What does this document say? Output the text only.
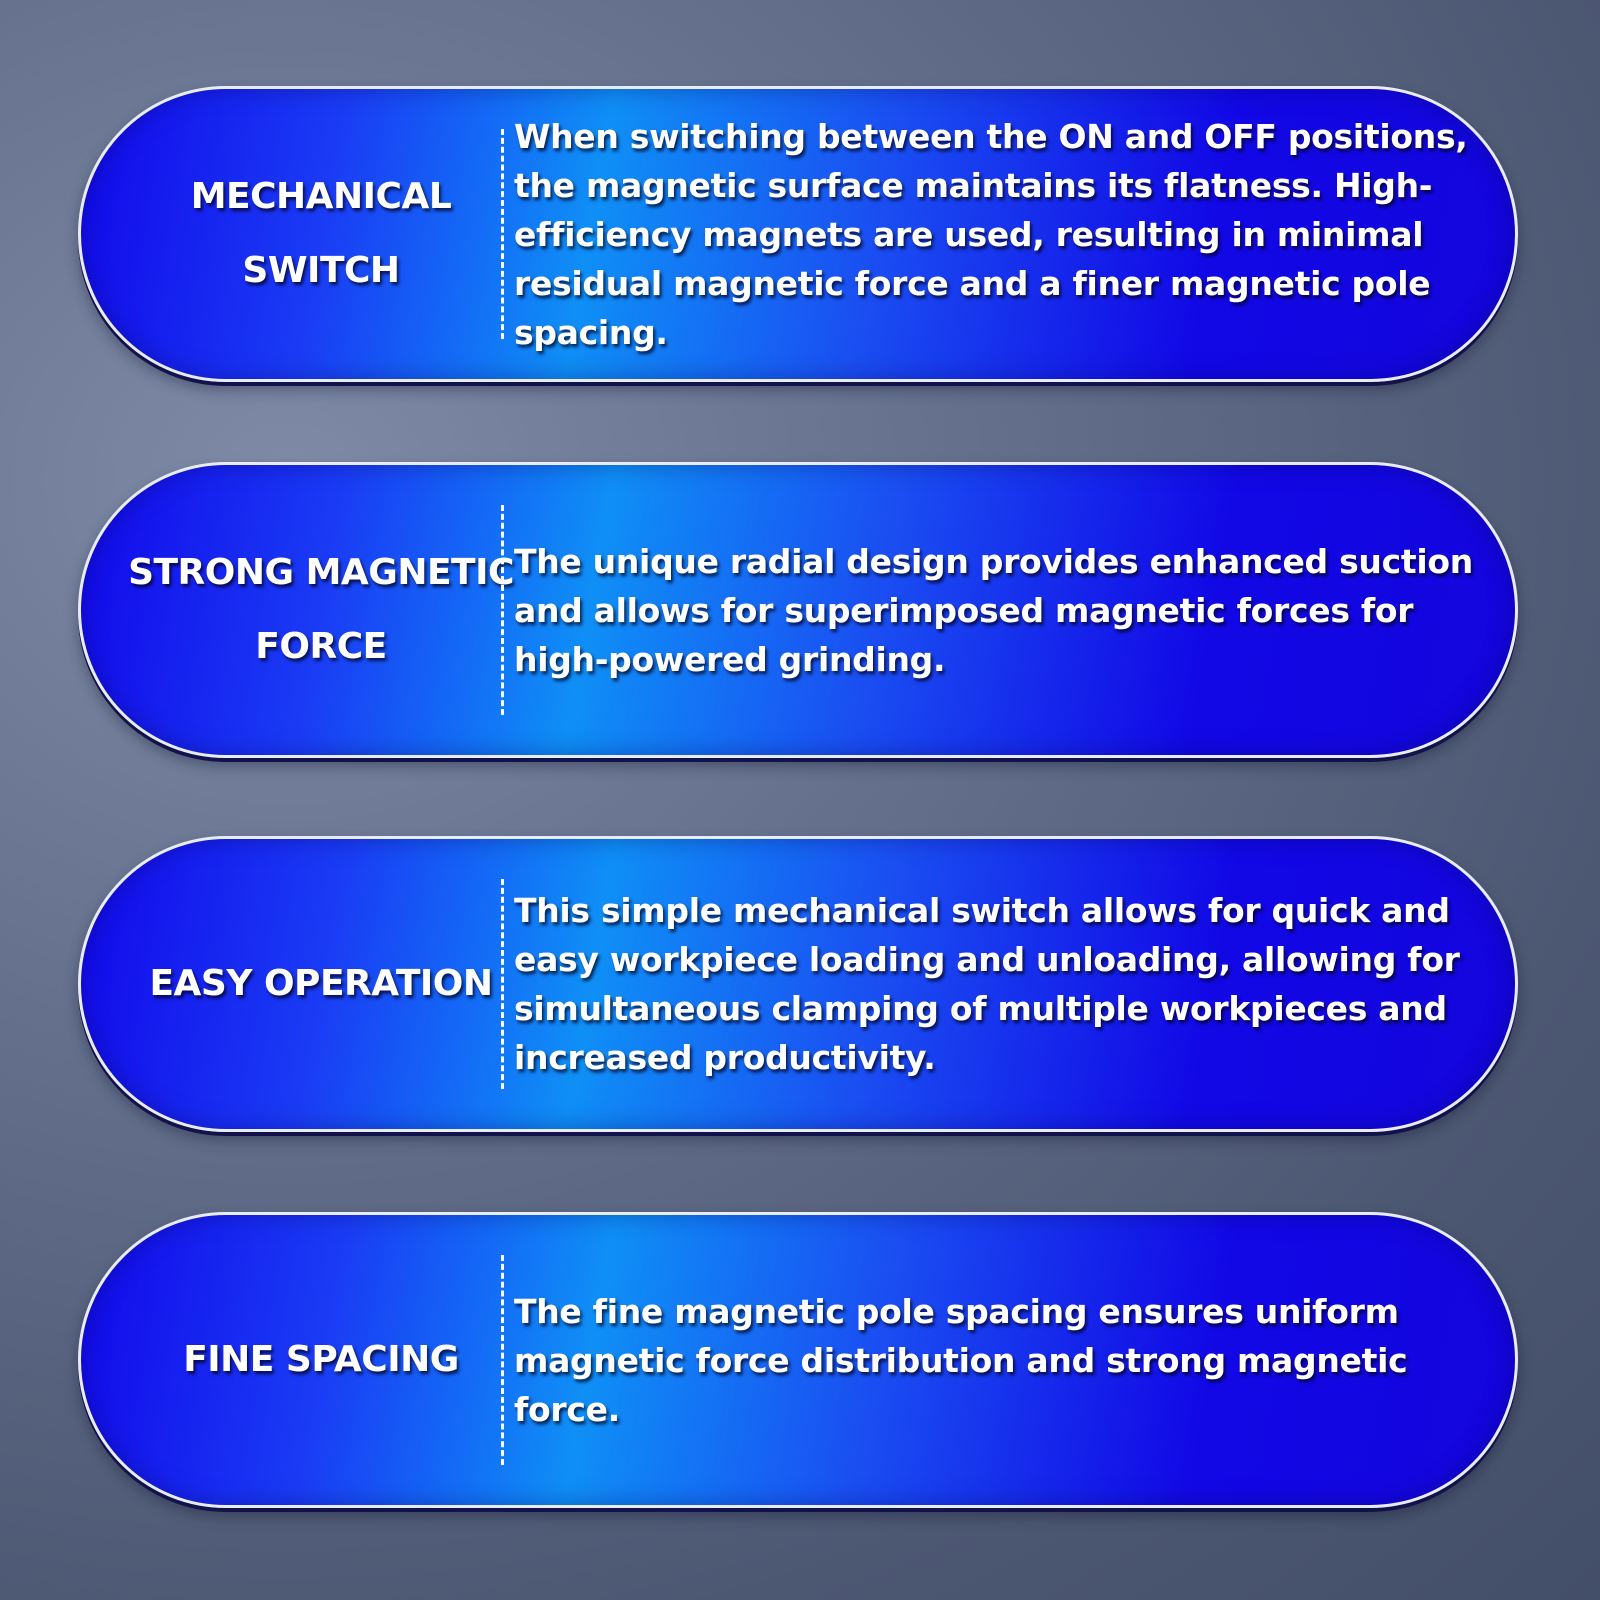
MECHANICAL SWITCH
When switching between the ON and OFF positions, the magnetic surface maintains its flatness. High-efficiency magnets are used, resulting in minimal residual magnetic force and a finer magnetic pole spacing.
STRONG MAGNETIC FORCE
The unique radial design provides enhanced suction and allows for superimposed magnetic forces for high-powered grinding.
EASY OPERATION
This simple mechanical switch allows for quick and easy workpiece loading and unloading, allowing for simultaneous clamping of multiple workpieces and increased productivity.
FINE SPACING
The fine magnetic pole spacing ensures uniform magnetic force distribution and strong magnetic force.
